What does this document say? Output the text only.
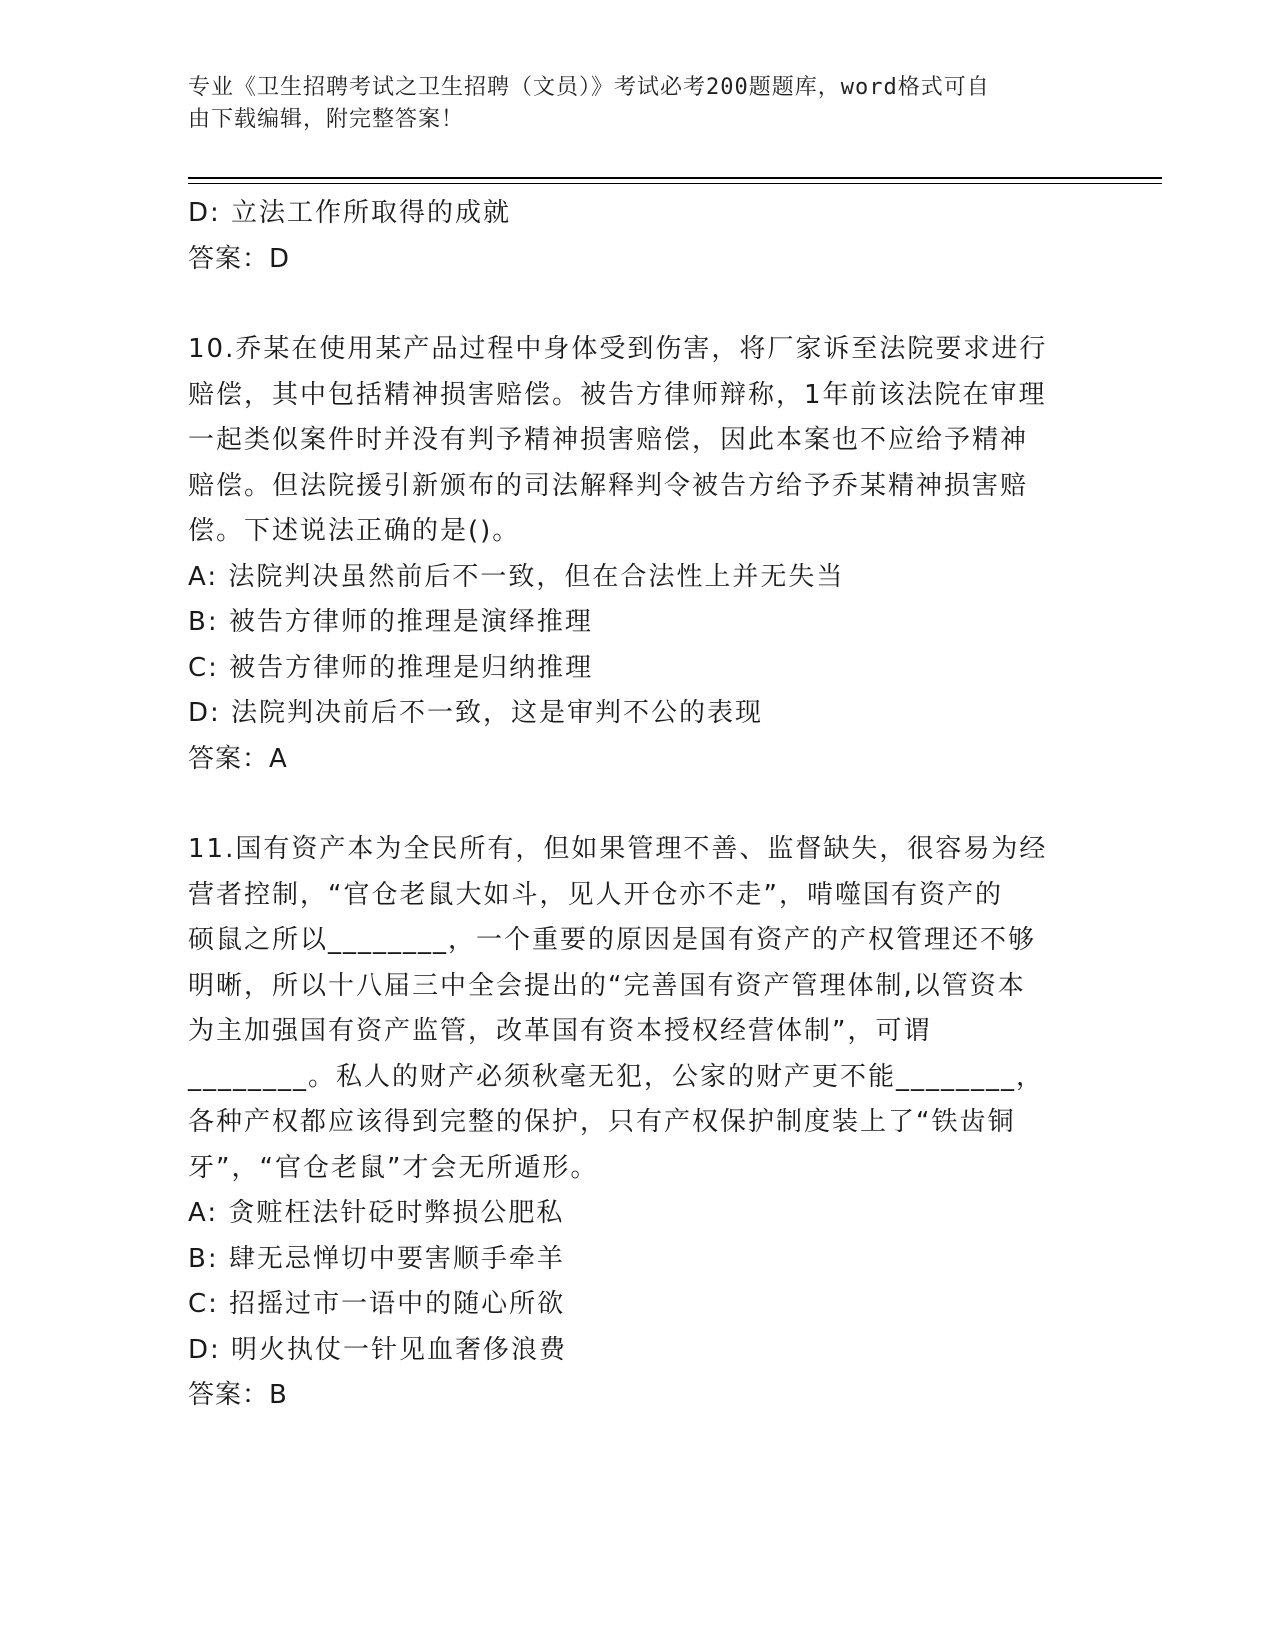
专业《卫生招聘考试之卫生招聘（文员）》考试必考200题题库，word格式可自
由下载编辑，附完整答案！
D: 立法工作所取得的成就
答案：D
10.乔某在使用某产品过程中身体受到伤害，将厂家诉至法院要求进行
赔偿，其中包括精神损害赔偿。被告方律师辩称，1年前该法院在审理
一起类似案件时并没有判予精神损害赔偿，因此本案也不应给予精神
赔偿。但法院援引新颁布的司法解释判令被告方给予乔某精神损害赔
偿。下述说法正确的是()。
A: 法院判决虽然前后不一致，但在合法性上并无失当
B: 被告方律师的推理是演绎推理
C: 被告方律师的推理是归纳推理
D: 法院判决前后不一致，这是审判不公的表现
答案：A
11.国有资产本为全民所有，但如果管理不善、监督缺失，很容易为经
营者控制，“官仓老鼠大如斗，见人开仓亦不走”，啃噬国有资产的
硕鼠之所以________，一个重要的原因是国有资产的产权管理还不够
明晰，所以十八届三中全会提出的“完善国有资产管理体制,以管资本
为主加强国有资产监管，改革国有资本授权经营体制”，可谓
________。私人的财产必须秋毫无犯，公家的财产更不能________，
各种产权都应该得到完整的保护，只有产权保护制度装上了“铁齿铜
牙”，“官仓老鼠”才会无所遁形。
A: 贪赃枉法针砭时弊损公肥私
B: 肆无忌惮切中要害顺手牵羊
C: 招摇过市一语中的随心所欲
D: 明火执仗一针见血奢侈浪费
答案：B
